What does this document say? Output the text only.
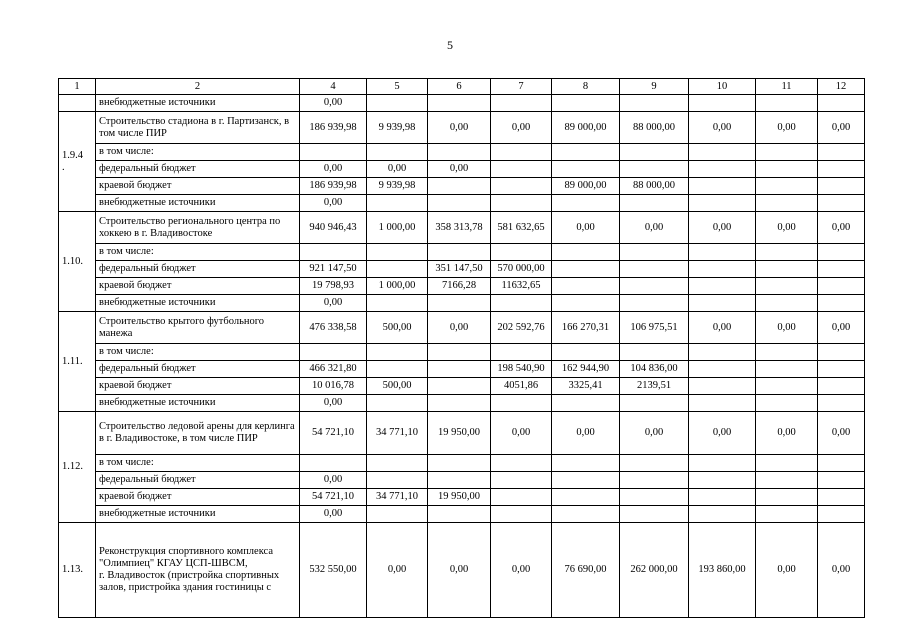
5
1	2	4	5	6	7	8	9	10	11	12
	внебюджетные источники	0,00								
1.9.4
.	Строительство стадиона в г. Партизанск, в том числе ПИР	186 939,98	9 939,98	0,00	0,00	89 000,00	88 000,00	0,00	0,00	0,00
	в том числе:									
	федеральный бюджет	0,00	0,00	0,00						
	краевой бюджет	186 939,98	9 939,98			89 000,00	88 000,00			
	внебюджетные источники	0,00								
1.10.	Строительство регионального центра по хоккею в г. Владивостоке	940 946,43	1 000,00	358 313,78	581 632,65	0,00	0,00	0,00	0,00	0,00
	в том числе:									
	федеральный бюджет	921 147,50		351 147,50	570 000,00					
	краевой бюджет	19 798,93	1 000,00	7166,28	11632,65					
	внебюджетные источники	0,00								
1.11.	Строительство крытого футбольного манежа	476 338,58	500,00	0,00	202 592,76	166 270,31	106 975,51	0,00	0,00	0,00
	в том числе:									
	федеральный бюджет	466 321,80			198 540,90	162 944,90	104 836,00			
	краевой бюджет	10 016,78	500,00		4051,86	3325,41	2139,51			
	внебюджетные источники	0,00								
1.12.	Строительство ледовой арены для керлинга в г. Владивостоке, в том числе ПИР	54 721,10	34 771,10	19 950,00	0,00	0,00	0,00	0,00	0,00	0,00
	в том числе:									
	федеральный бюджет	0,00								
	краевой бюджет	54 721,10	34 771,10	19 950,00						
	внебюджетные источники	0,00								
1.13.	Реконструкция спортивного комплекса "Олимпиец" КГАУ ЦСП-ШВСМ,
г. Владивосток (пристройка спортивных залов, пристройка здания гостиницы с	532 550,00	0,00	0,00	0,00	76 690,00	262 000,00	193 860,00	0,00	0,00
